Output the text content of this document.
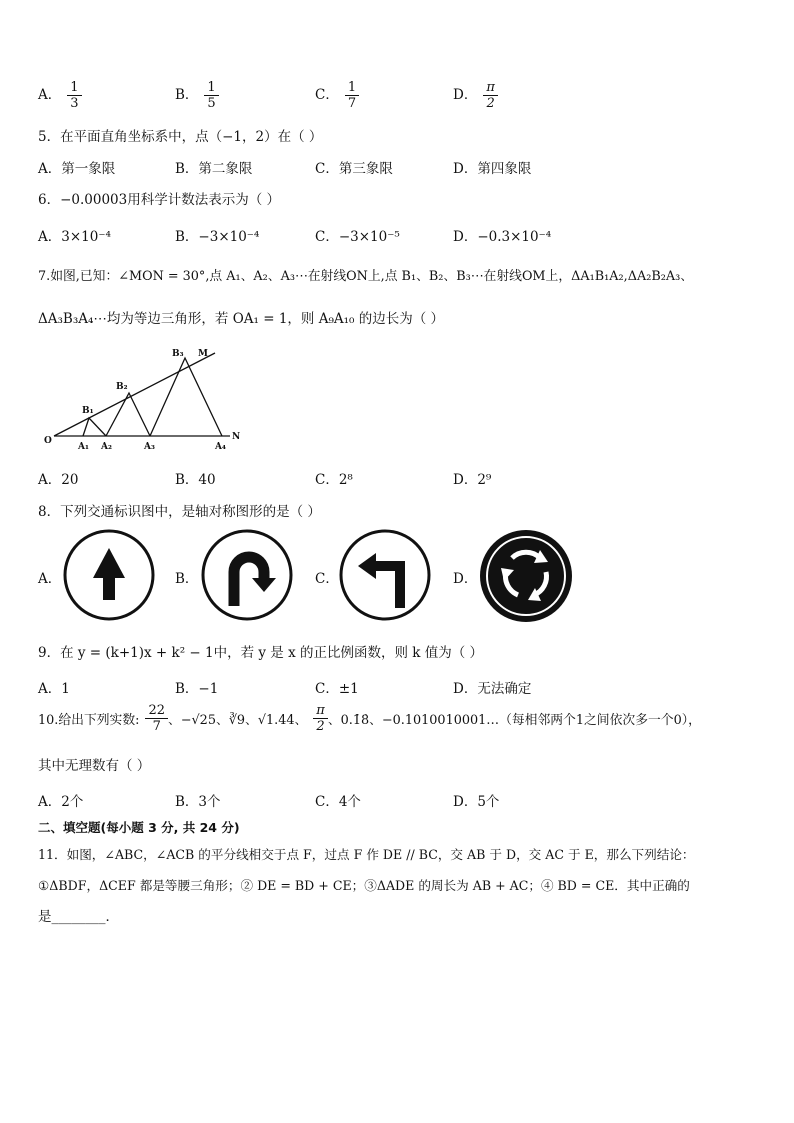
A． $\frac{1}{3}$	B． $\frac{1}{5}$	C． $\frac{1}{7}$	D． $\frac{\pi}{2}$
5．在平面直角坐标系中，点（−1，2）在（ ）
A．第一象限	B．第二象限	C．第三象限	D．第四象限
6．−0.00003用科学计数法表示为（ ）
A．3×10⁻⁴	B．−3×10⁻⁴	C．−3×10⁻⁵	D．−0.3×10⁻⁴
7.如图,已知：∠MON = 30°,点 A₁、A₂、A₃⋯在射线ON上,点 B₁、B₂、B₃⋯在射线OM上，ΔA₁B₁A₂,ΔA₂B₂A₃、
ΔA₃B₃A₄⋯均为等边三角形，若 OA₁ = 1，则 A₉A₁₀ 的边长为（ ）
O
A₁ A₂	A₃	A₄
N
B₁
B₂
B₃ M
A．20	B．40	C．2⁸	D．2⁹
8．下列交通标识图中，是轴对称图形的是（ ）
A．	B．	C．	D．
9．在 y = (k+1)x + k² − 1中，若 y 是 x 的正比例函数，则 k 值为（ ）
A．1	B．−1	C．±1	D．无法确定
10.给出下列实数: $\frac{22}{7}$ 、−√25、∛9、√1.44、 $\frac{\pi}{2}$ 、0.1̇8̇、−0.1010010001…（每相邻两个1之间依次多一个0），
其中无理数有（ ）
A．2个	B．3个	C．4个	D．5个
二、填空题(每小题 3 分, 共 24 分)
11．如图，∠ABC，∠ACB 的平分线相交于点 F，过点 F 作 DE // BC，交 AB 于 D，交 AC 于 E，那么下列结论：
①ΔBDF，ΔCEF 都是等腰三角形；② DE = BD + CE；③ΔADE 的周长为 AB + AC；④ BD = CE．其中正确的
是________．
